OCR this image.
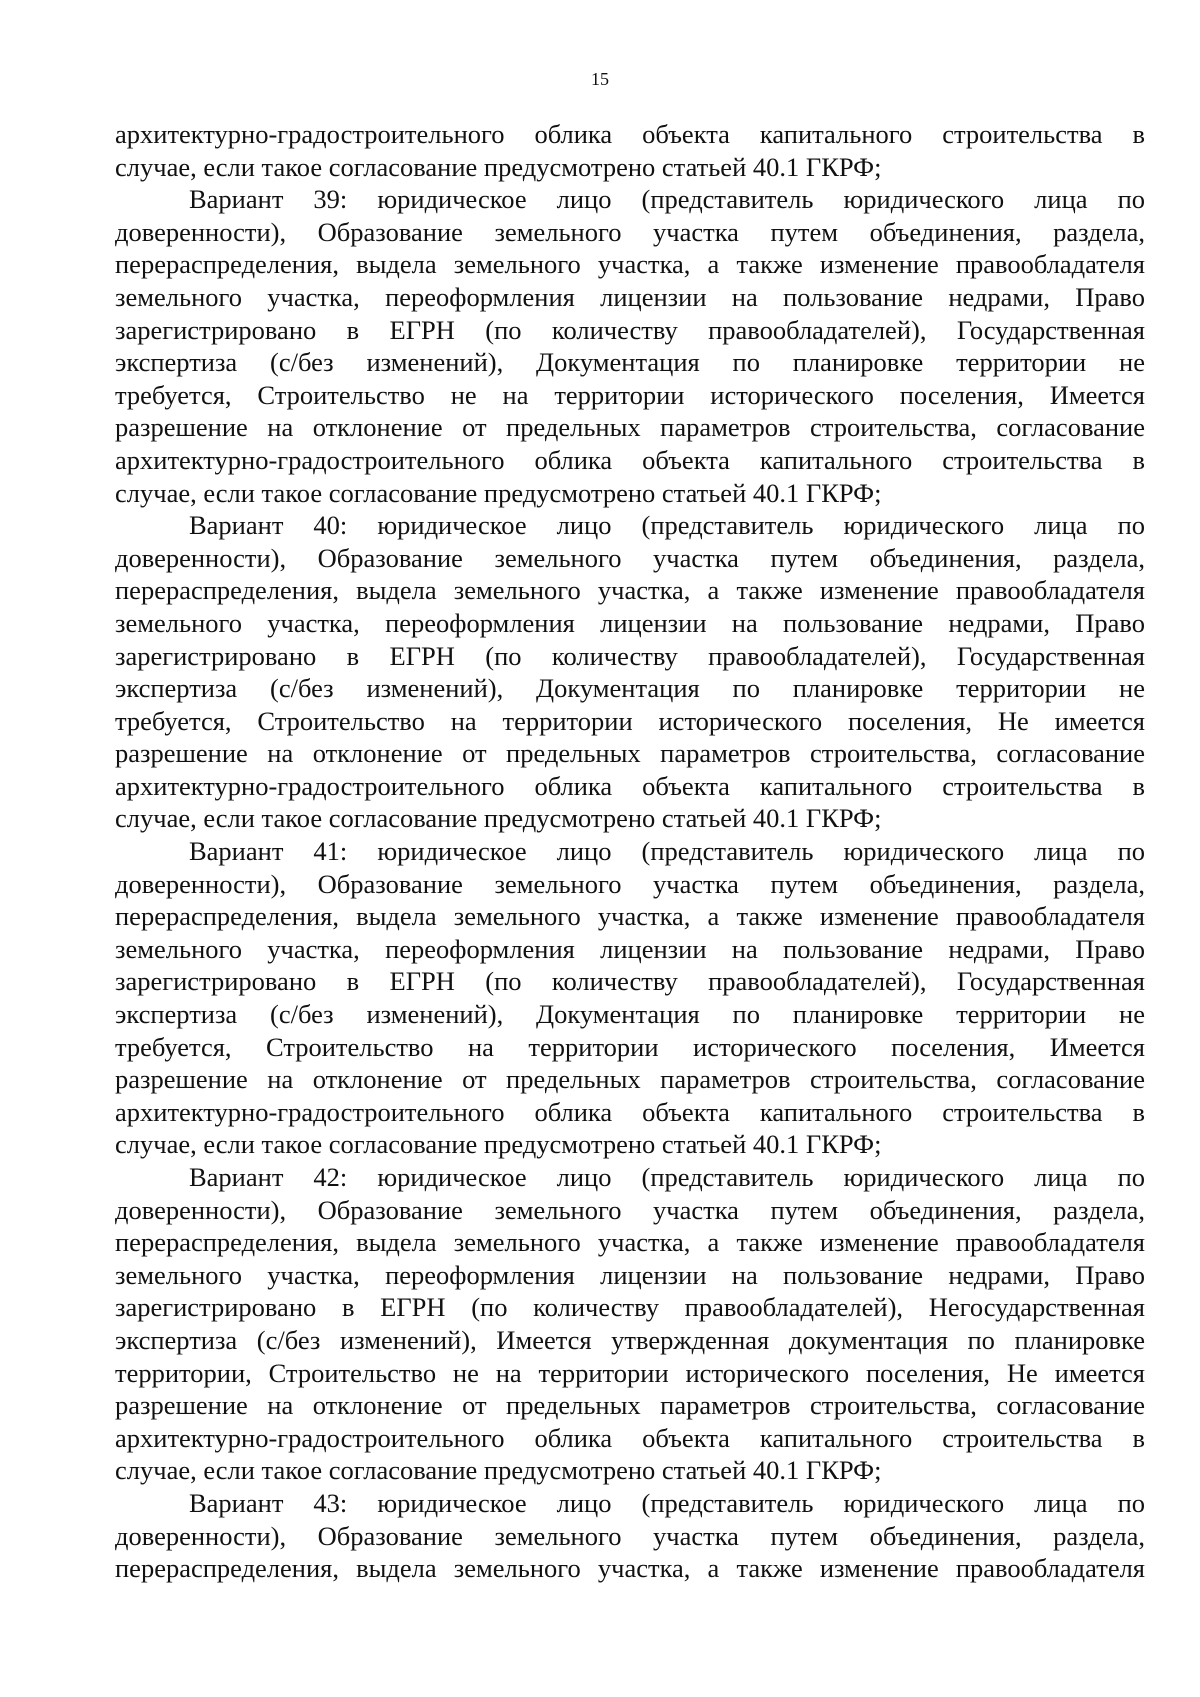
15

архитектурно-градостроительного облика объекта капитального строительства в

случае, если такое согласование предусмотрено статьей 40.1 ГКРФ;

Вариант 39: юридическое лицо (представитель юридического лица по

доверенности), Образование земельного участка путем объединения, раздела,

перераспределения, выдела земельного участка, а также изменение правообладателя

земельного участка, переоформления лицензии на пользование недрами, Право

зарегистрировано в ЕГРН (по количеству правообладателей), Государственная

экспертиза (с/без изменений), Документация по планировке территории не

требуется, Строительство не на территории исторического поселения, Имеется

разрешение на отклонение от предельных параметров строительства, согласование

архитектурно-градостроительного облика объекта капитального строительства в

случае, если такое согласование предусмотрено статьей 40.1 ГКРФ;

Вариант 40: юридическое лицо (представитель юридического лица по

доверенности), Образование земельного участка путем объединения, раздела,

перераспределения, выдела земельного участка, а также изменение правообладателя

земельного участка, переоформления лицензии на пользование недрами, Право

зарегистрировано в ЕГРН (по количеству правообладателей), Государственная

экспертиза (с/без изменений), Документация по планировке территории не

требуется, Строительство на территории исторического поселения, Не имеется

разрешение на отклонение от предельных параметров строительства, согласование

архитектурно-градостроительного облика объекта капитального строительства в

случае, если такое согласование предусмотрено статьей 40.1 ГКРФ;

Вариант 41: юридическое лицо (представитель юридического лица по

доверенности), Образование земельного участка путем объединения, раздела,

перераспределения, выдела земельного участка, а также изменение правообладателя

земельного участка, переоформления лицензии на пользование недрами, Право

зарегистрировано в ЕГРН (по количеству правообладателей), Государственная

экспертиза (с/без изменений), Документация по планировке территории не

требуется, Строительство на территории исторического поселения, Имеется

разрешение на отклонение от предельных параметров строительства, согласование

архитектурно-градостроительного облика объекта капитального строительства в

случае, если такое согласование предусмотрено статьей 40.1 ГКРФ;

Вариант 42: юридическое лицо (представитель юридического лица по

доверенности), Образование земельного участка путем объединения, раздела,

перераспределения, выдела земельного участка, а также изменение правообладателя

земельного участка, переоформления лицензии на пользование недрами, Право

зарегистрировано в ЕГРН (по количеству правообладателей), Негосударственная

экспертиза (с/без изменений), Имеется утвержденная документация по планировке

территории, Строительство не на территории исторического поселения, Не имеется

разрешение на отклонение от предельных параметров строительства, согласование

архитектурно-градостроительного облика объекта капитального строительства в

случае, если такое согласование предусмотрено статьей 40.1 ГКРФ;

Вариант 43: юридическое лицо (представитель юридического лица по

доверенности), Образование земельного участка путем объединения, раздела,

перераспределения, выдела земельного участка, а также изменение правообладателя
